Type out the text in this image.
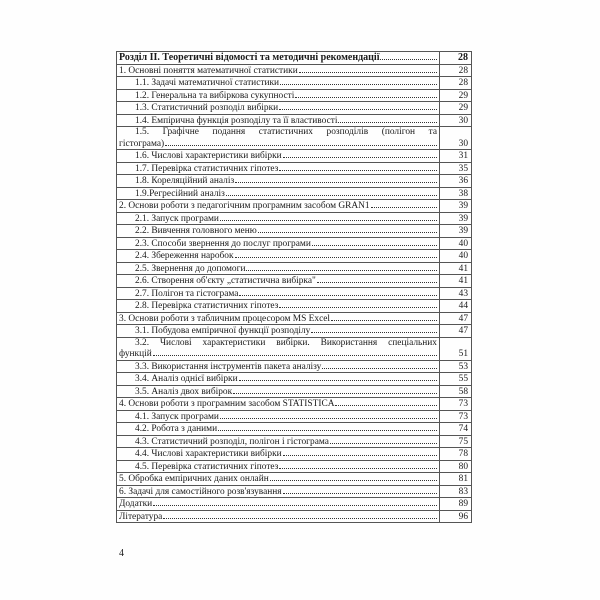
Розділ ІІ. Теоретичні відомості та методичні рекомендації	28

1. Основні поняття математичної статистики	28

1.1. Задачі математичної статистики	28

1.2. Генеральна та вибіркова сукупності	29

1.3. Статистичний розподіл вибірки	29

1.4. Емпірична функція розподілу та її властивості	30

1.5. Графічне подання статистичних розподілів (полігон та
гістограма)	30

1.6. Числові характеристики вибірки	31

1.7. Перевірка статистичних гіпотез	35

1.8. Кореляційний аналіз	36

1.9.Регресійний аналіз	38

2. Основи роботи з педагогічним програмним засобом GRAN1	39

2.1. Запуск програми	39

2.2. Вивчення головного меню	39

2.3. Способи звернення до послуг програми	40

2.4. Збереження наробок	40

2.5. Звернення до допомоги	41

2.6. Створення об'єкту „статистична вибірка"	41

2.7. Полігон та гістограма	43

2.8. Перевірка статистичних гіпотез	44

3. Основи роботи з табличним процесором MS Excel	47

3.1. Побудова емпіричної функції розподілу	47

3.2. Числові характеристики вибірки. Використання спеціальних
функцій	51

3.3. Використання інструментів пакета аналізу	53

3.4. Аналіз однієї вибірки	55

3.5. Аналіз двох вибірок	58

4. Основи роботи з програмним засобом STATISTICA	73

4.1. Запуск програми	73

4.2. Робота з даними	74

4.3. Статистичний розподіл, полігон і гістограма	75

4.4. Числові характеристики вибірки	78

4.5. Перевірка статистичних гіпотез	80

5. Обробка емпіричних даних онлайн	81

6. Задачі для самостійного розв'язування	83

Додатки	89

Література	96
4
